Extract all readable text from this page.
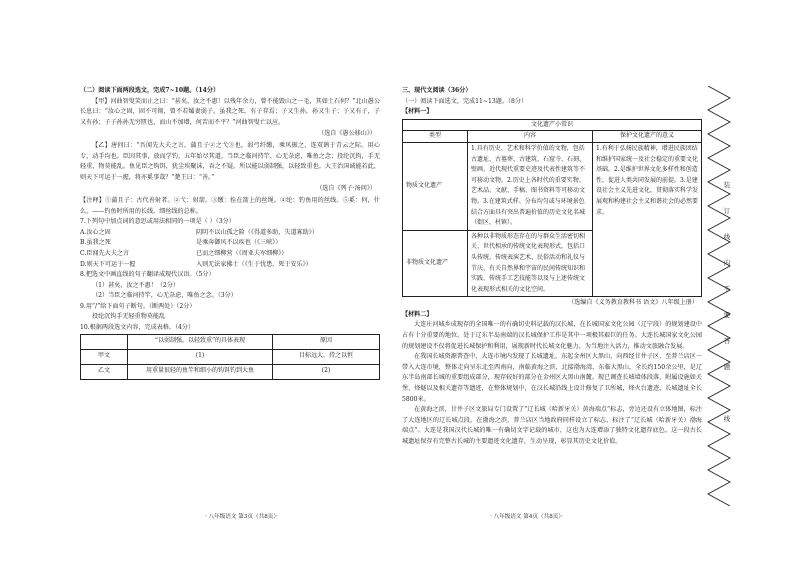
（二）阅读下面两段选文，完成7~10题。（14分）

【甲】河曲智叟笑而止之曰：“甚矣，汝之不惠！以残年余力，曾不能毁山之一毛，其如土石何？”北山愚公长息曰：“汝心之固，固不可彻，曾不若孀妻弱子。虽我之死，有子存焉；子又生孙，孙又生子；子又有子，子又有孙；子子孙孙无穷匮也，而山不加增，何苦而不平？”河曲智叟亡以应。

（选自《愚公移山》）

【乙】唐何曰：“吾闻先大夫之言，蒲且子②之弋③也，弱弓纤缴，乘风振之，连双鸧于青云之际。用心专，动手均也。臣因其事，放而学钓，五年始尽其道。当臣之临河持竿，心无杂虑，唯鱼之念；投纶沉钩，手无轻重，物莫能乱。鱼见臣之钩饵，犹尘埃聚沫，吞之不疑。所以能以弱制强，以轻致重也。大王治国诚能若此，则天下可运于一握，将亦奚事哉？”楚王曰：“善。”

（选自《列子·汤问》）

【注释】①蒲且子：古代善射者。②弋：射箭。③缴：拴在箭上的丝绳。④纶：钓鱼用的丝线。⑤奚：何，什么。——钓鱼时所用的长线，细丝线的总称。

7.下列句中加点词的意思或用法相同的一项是（ ）（3分）

A.汝心之固	阴阴不以山孤之险（《得道多助，失道寡助》）
B.虽我之死	是乘奔御风不以疾也（《三峡》）
C.臣闻先大夫之言	已而之细柳营（《周亚夫军细柳》）
D.则天下可运于一握	入则无法家拂士（《生于忧患，死于安乐》）

8.把选文中画直线的句子翻译成现代汉语。（5分）

（1）甚矣，汝之不惠！（2分）

（2）当臣之临河持竿，心无杂虑，唯鱼之念。（3分）

9.用“/”给下面句子断句。（断两处）（2分）

投纶沉钩手无轻重物莫能乱

10.根据两段选文内容，完成表格。（4分）

	“以弱制强，以轻致重”的具体表现	原因
甲文	(1)	目标远大，持之以恒
乙文	用重量很轻的鱼竿和细小的钩饵钓到大鱼	(2)
· 八年级语文 第3页（共8页）·

三、现代文阅读（36分）

（一）阅读下面选文，完成11~13题。（8分）

【材料一】

文化遗产小常识		
类型	内容	保护文化遗产的意义
物质文化遗产	1.具有历史、艺术和科学价值的文物，包括古遗址、古墓葬、古建筑、石窟寺、石刻、壁画、近代现代重要史迹及代表性建筑等不可移动文物。2.历史上各时代的重要实物、艺术品、文献、手稿、图书资料等可移动文物。3.在建筑式样、分布均匀或与环境景色结合方面具有突出普遍价值的历史文化名城（街区、村镇）。	1.有利于弘扬民族精神，增进民族团结和维护国家统一及社会稳定的重要文化基础。2.是维护世界文化多样性和创造性，促进人类共同发展的前提。3.是建设社会主义先进文化，贯彻落实科学发展观和构建社会主义和谐社会的必然要求。
非物质文化遗产	各种以非物质形态存在的与群众生活密切相关、世代相承的传统文化表现形式，包括口头传统、传统表演艺术、民俗活动和礼仪与节庆、有关自然界和宇宙的民间传统知识和实践、传统手工艺技能等以及与上述传统文化表现形式相关的文化空间。	

（选编自《义务教育教科书 语文》八年级上册）

【材料二】

大连庄河城乡成现存的全国唯一的有确切史料记载的汉长城，在长城国家文化公园（辽宁段）的规划建设中占有十分重要的地位。处于辽东半岛南端的汉长城保护工作是其中一项极其艰巨的任务。大连长城国家文化公园的规划建设不仅将促进长城保护和利用，展现新时代长城文化魅力，为当地注入活力，推动文旅融合发展。

在我国长城资源普查中，大连市境内发现了长城遗址，东起金州区大黑山，向西经甘井子区，至普兰店区一带入大连市境，整体走向呈东北至西南向，南临黄海之滨，北接渤海湾，东临大黑山，全长约150余公里，是辽东半岛南部长城的重要组成部分，现存较好的部分在金州区大黑山南麓。现已调查长城墙体段落、附属设施如关堡、烽燧以及相关遗存等遗迹，在整体规划中，在汉长城沿线上设计修复了卫所城，烽火台遗迹，长城遗址全长5800米。

在黄海之滨，甘井子区文旅局专门设置了“辽长城（哈新牙关）黄海端点”标志，旁边还设有立体地图，标注了大连地区的辽长城点段。在渤海之滨，普兰店区当地政府同样设立了标志，标注了“辽长城（哈新牙关）渤海端点”。大连是我国汉代长城的唯一有确切文字记载的城市，这也为大连增添了独特文化遗存底色。这一段古长城遗址保存有完整古长城的主要遗迹文化遗存，生动呈现，彰显其历史文化价值。

· 八年级语文 第4页（共8页）·
装
订
线
内
不
要
答
题
线
